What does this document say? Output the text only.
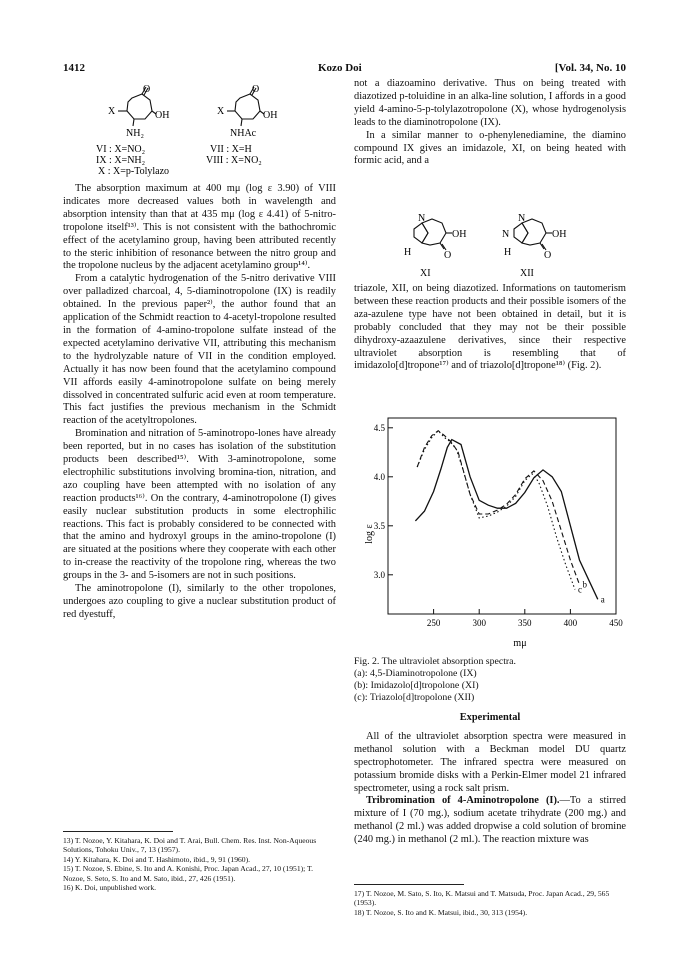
1412	Kozo Doi	[Vol. 34, No. 10
O
X	OH
NH₂
O
X	OH
NHAc
VI : X=NO₂
IX : X=NH₂
X : X=p-Tolylazo
VII : X=H
VIII : X=NO₂

The absorption maximum at 400 mμ (log ε 3.90) of VIII indicates more decreased values both in wavelength and absorption intensity than that at 435 mμ (log ε 4.41) of 5-nitro-tropolone itself¹³⁾. This is not consistent with the bathochromic effect of the acetylamino group, having been attributed recently to the steric inhibition of resonance between the nitro group and the tropolone nucleus by the adjacent acetylamino group¹⁴⁾.

From a catalytic hydrogenation of the 5-nitro derivative VIII over palladized charcoal, 4, 5-diaminotropolone (IX) is readily obtained. In the previous paper²⁾, the author found that an application of the Schmidt reaction to 4-acetyl-tropolone resulted in the formation of 4-amino-tropolone sulfate instead of the expected acetylamino derivative VII, attributing this mechanism to the hydrolyzable nature of VII in the condition employed. Actually it has now been found that the acetylamino compound VII affords easily 4-aminotropolone sulfate on being merely dissolved in concentrated sulfuric acid even at room temperature. This fact justifies the previous mechanism in the Schmidt reaction of the acetyltropolones.

Bromination and nitration of 5-aminotropo-lones have already been reported, but in no cases has isolation of the substitution products been described¹⁵⁾. With 3-aminotropolone, some electrophilic substitutions involving bromina-tion, nitration, and azo coupling have been attempted with no isolation of any reaction products¹⁶⁾. On the contrary, 4-aminotropolone (I) gives easily nuclear substitution products in some electrophilic reactions. This fact is probably considered to be connected with that the amino and hydroxyl groups in the amino-tropolone (I) are situated at the positions where they cooperate with each other to in-crease the reactivity of the tropolone ring, whereas the two groups in the 3- and 5-isomers are not in such positions.

The aminotropolone (I), similarly to the other tropolones, undergoes azo coupling to give a nuclear substitution product of red dyestuff,

13) T. Nozoe, Y. Kitahara, K. Doi and T. Arai, Bull. Chem. Res. Inst. Non-Aqueous Solutions, Tohoku Univ., 7, 13 (1957).

14) Y. Kitahara, K. Doi and T. Hashimoto, ibid., 9, 91 (1960).

15) T. Nozoe, S. Ebine, S. Ito and A. Konishi, Proc. Japan Acad., 27, 10 (1951); T. Nozoe, S. Seto, S. Ito and M. Sato, ibid., 27, 426 (1951).

16) K. Doi, unpublished work.

not a diazoamino derivative. Thus on being treated with diazotized p-toluidine in an alka-line solution, I affords in a good yield 4-amino-5-p-tolylazotropolone (X), whose hydrogenolysis leads to the diaminotropolone (IX).

In a similar manner to o-phenylenediamine, the diamino compound IX gives an imidazole, XI, on being heated with formic acid, and a

N
H
OH
O
XI
N
N
H
OH
O
XII

triazole, XII, on being diazotized. Informations on tautomerism between these reaction products and their possible isomers of the aza-azulene type have not been obtained in detail, but it is probably concluded that they may not be their possible dihydroxy-azaazulene derivatives, since their respective ultraviolet absorption is resembling that of imidazolo[d]tropone¹⁷⁾ and of triazolo[d]tropone¹⁸⁾ (Fig. 2).

log ε
mμ
250	300	350	400	450
3.0
3.5
4.0
4.5
a
b
c

Fig. 2. The ultraviolet absorption spectra.

(a): 4,5-Diaminotropolone (IX)

(b): Imidazolo[d]tropolone (XI)

(c): Triazolo[d]tropolone (XII)

Experimental

All of the ultraviolet absorption spectra were measured in methanol solution with a Beckman model DU quartz spectrophotometer. The infrared spectra were measured on potassium bromide disks with a Perkin-Elmer model 21 infrared spectrometer, using a rock salt prism.

Tribromination of 4-Aminotropolone (I).—To a stirred mixture of I (70 mg.), sodium acetate trihydrate (200 mg.) and methanol (2 ml.) was added dropwise a cold solution of bromine (240 mg.) in methanol (2 ml.). The reaction mixture was

17) T. Nozoe, M. Sato, S. Ito, K. Matsui and T. Matsuda, Proc. Japan Acad., 29, 565 (1953).

18) T. Nozoe, S. Ito and K. Matsui, ibid., 30, 313 (1954).
